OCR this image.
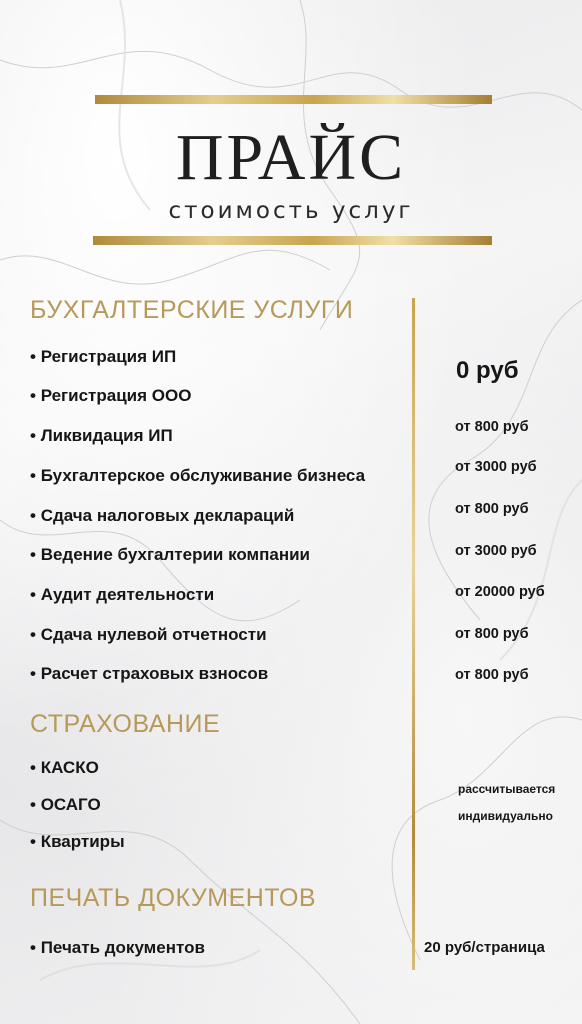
ПРАЙС
стоимость услуг
БУХГАЛТЕРСКИЕ УСЛУГИ
• Регистрация ИП
• Регистрация ООО
• Ликвидация ИП
• Бухгалтерское обслуживание бизнеса
• Сдача налоговых деклараций
• Ведение бухгалтерии компании
• Аудит деятельности
• Сдача нулевой отчетности
• Расчет страховых взносов
0 руб
от 800 руб
от 3000 руб
от 800 руб
от 3000 руб
от 20000 руб
от 800 руб
от 800 руб
СТРАХОВАНИЕ
• КАСКО
• ОСАГО
• Квартиры
рассчитывается
индивидуально
ПЕЧАТЬ ДОКУМЕНТОВ
• Печать документов	20 руб/страница
